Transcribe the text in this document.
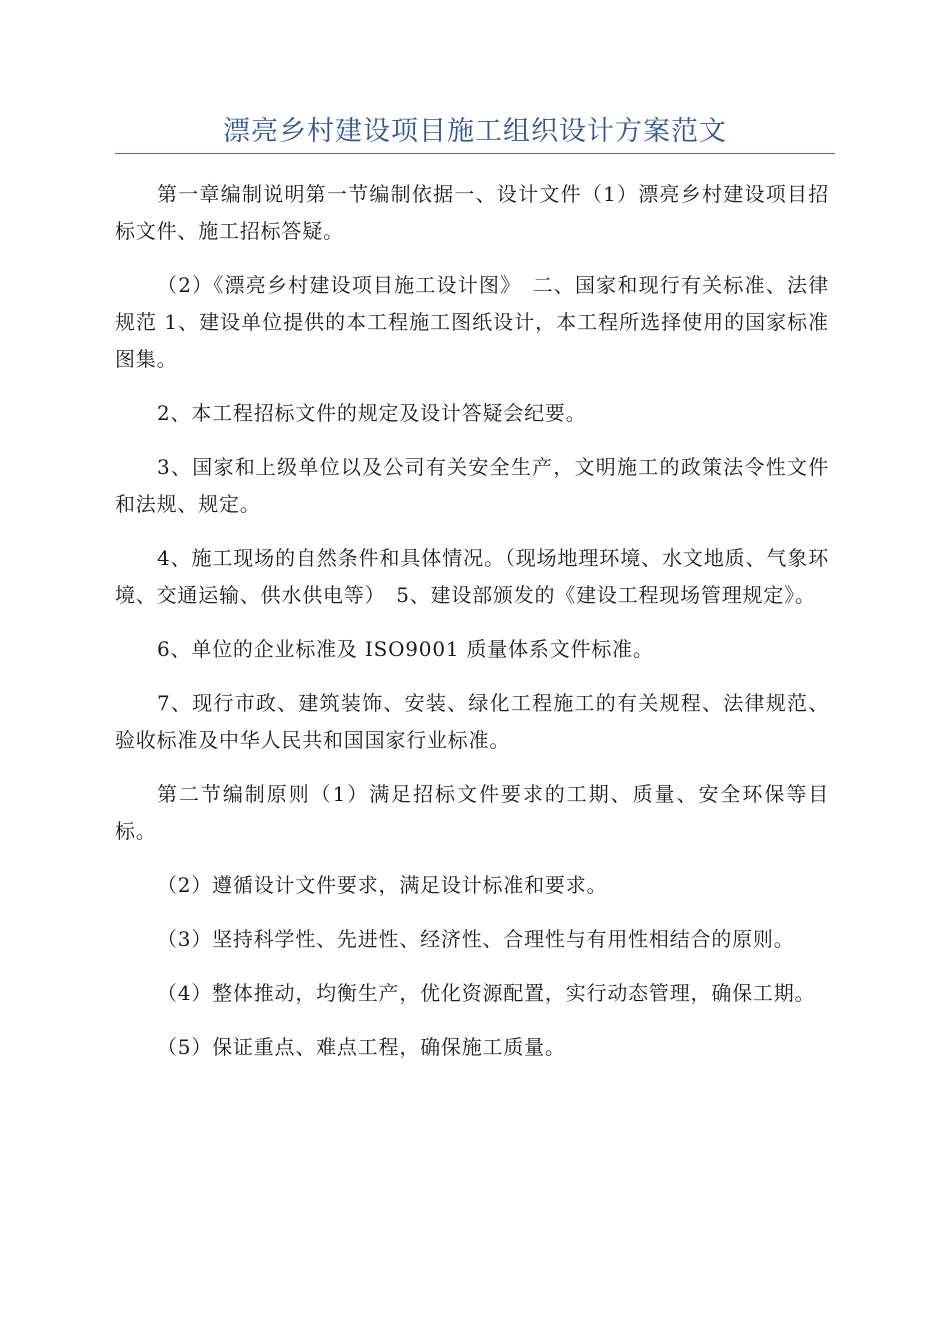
漂亮乡村建设项目施工组织设计方案范文

第一章编制说明第一节编制依据一、设计文件（1）漂亮乡村建设项目招标文件、施工招标答疑。

（2）《漂亮乡村建设项目施工设计图》　二、国家和现行有关标准、法律规范 1、建设单位提供的本工程施工图纸设计，本工程所选择使用的国家标准图集。

2、本工程招标文件的规定及设计答疑会纪要。

3、国家和上级单位以及公司有关安全生产，文明施工的政策法令性文件和法规、规定。

4、施工现场的自然条件和具体情况。（现场地理环境、水文地质、气象环境、交通运输、供水供电等）　5、建设部颁发的《建设工程现场管理规定》。

6、单位的企业标准及 ISO9001 质量体系文件标准。

7、现行市政、建筑装饰、安装、绿化工程施工的有关规程、法律规范、验收标准及中华人民共和国国家行业标准。

第二节编制原则（1）满足招标文件要求的工期、质量、安全环保等目标。

（2）遵循设计文件要求，满足设计标准和要求。

（3）坚持科学性、先进性、经济性、合理性与有用性相结合的原则。

（4）整体推动，均衡生产，优化资源配置，实行动态管理，确保工期。

（5）保证重点、难点工程，确保施工质量。
